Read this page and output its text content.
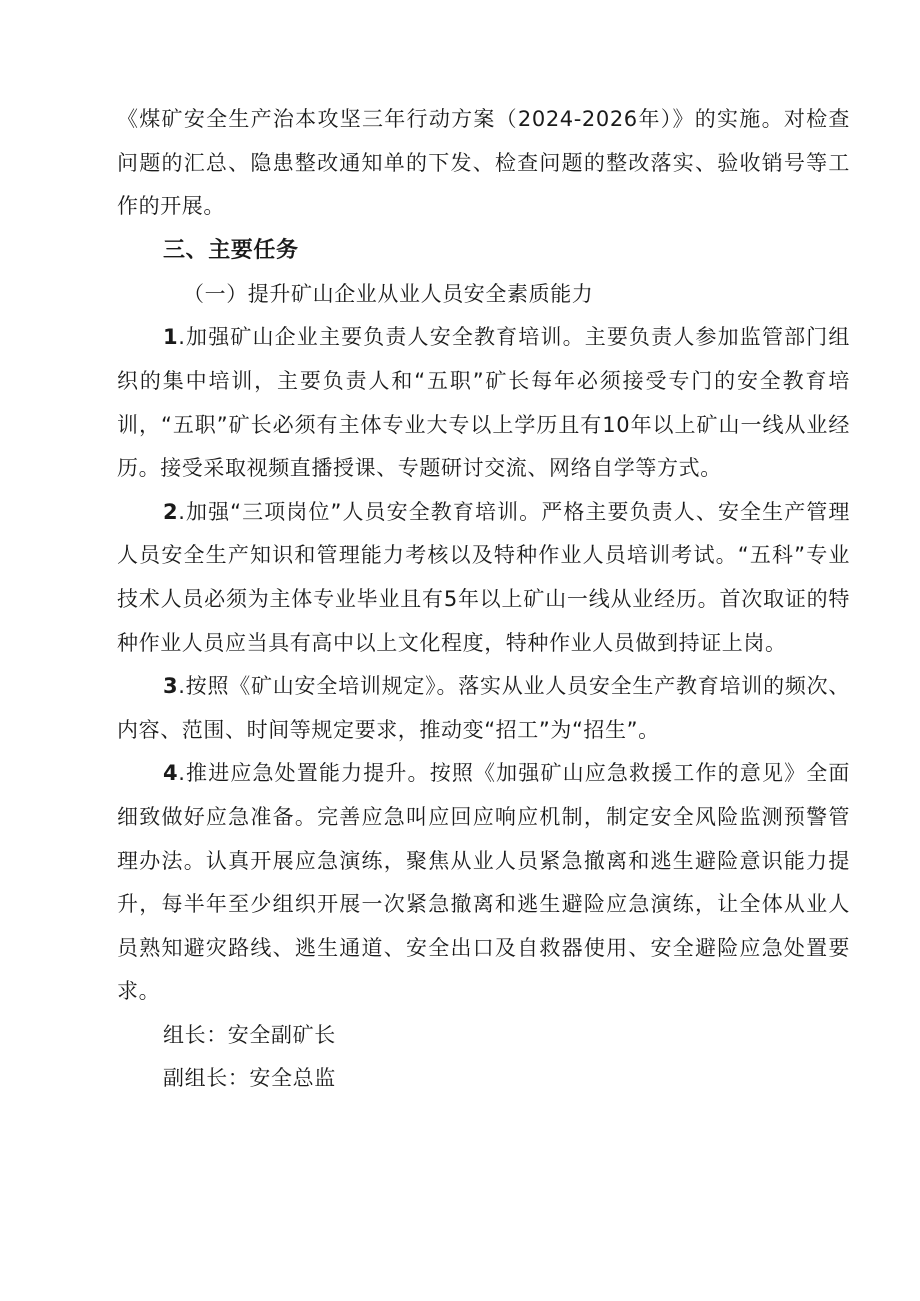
《煤矿安全生产治本攻坚三年行动方案（2024-2026年）》的实施。对检查问题的汇总、隐患整改通知单的下发、检查问题的整改落实、验收销号等工作的开展。

三、主要任务

（一）提升矿山企业从业人员安全素质能力

1.加强矿山企业主要负责人安全教育培训。主要负责人参加监管部门组织的集中培训，主要负责人和“五职”矿长每年必须接受专门的安全教育培训，“五职”矿长必须有主体专业大专以上学历且有10年以上矿山一线从业经历。接受采取视频直播授课、专题研讨交流、网络自学等方式。

2.加强“三项岗位”人员安全教育培训。严格主要负责人、安全生产管理人员安全生产知识和管理能力考核以及特种作业人员培训考试。“五科”专业技术人员必须为主体专业毕业且有5年以上矿山一线从业经历。首次取证的特种作业人员应当具有高中以上文化程度，特种作业人员做到持证上岗。

3.按照《矿山安全培训规定》。落实从业人员安全生产教育培训的频次、内容、范围、时间等规定要求，推动变“招工”为“招生”。

4.推进应急处置能力提升。按照《加强矿山应急救援工作的意见》全面细致做好应急准备。完善应急叫应回应响应机制，制定安全风险监测预警管理办法。认真开展应急演练，聚焦从业人员紧急撤离和逃生避险意识能力提升，每半年至少组织开展一次紧急撤离和逃生避险应急演练，让全体从业人员熟知避灾路线、逃生通道、安全出口及自救器使用、安全避险应急处置要求。

组长：安全副矿长

副组长：安全总监
